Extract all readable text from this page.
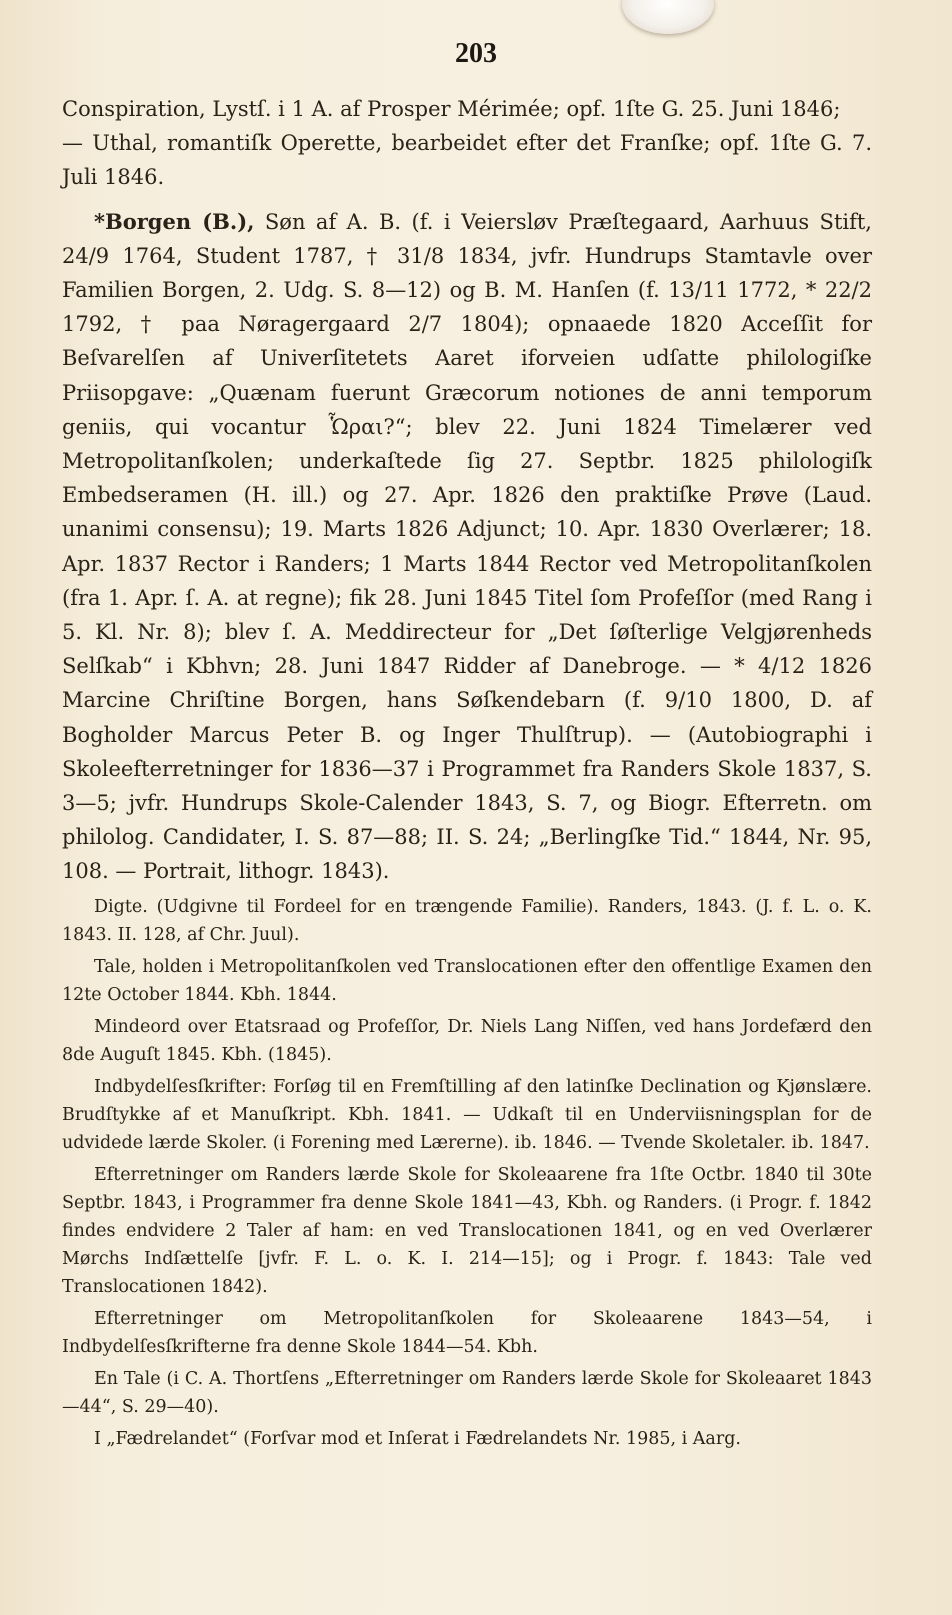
203

Conspiration, Lystſ. i 1 A. af Prosper Mérimée; opf. 1ſte G. 25. Juni 1846;

— Uthal, romantiſk Operette, bearbeidet efter det Franſke; opf. 1ſte G. 7. Juli 1846.

*Borgen (B.), Søn af A. B. (f. i Veiersløv Præſtegaard, Aarhuus Stift, 24/9 1764, Student 1787, † 31/8 1834, jvfr. Hundrups Stamtavle over Familien Borgen, 2. Udg. S. 8—12) og B. M. Hanſen (f. 13/11 1772, * 22/2 1792, † paa Nøragergaard 2/7 1804); opnaaede 1820 Acceſſit for Beſvarelſen af Univerſitetets Aaret iforveien udſatte philologiſke Priisopgave: „Quænam fuerunt Græcorum notiones de anni temporum geniis, qui vocantur Ὧραι?“; blev 22. Juni 1824 Timelærer ved Metropolitanſkolen; underkaſtede ſig 27. Septbr. 1825 philologiſk Embedseramen (H. ill.) og 27. Apr. 1826 den praktiſke Prøve (Laud. unanimi consensu); 19. Marts 1826 Adjunct; 10. Apr. 1830 Overlærer; 18. Apr. 1837 Rector i Randers; 1 Marts 1844 Rector ved Metropolitanſkolen (fra 1. Apr. ſ. A. at regne); fik 28. Juni 1845 Titel ſom Profeſſor (med Rang i 5. Kl. Nr. 8); blev ſ. A. Meddirecteur for „Det ſøſterlige Velgjørenheds Selſkab“ i Kbhvn; 28. Juni 1847 Ridder af Danebroge. — * 4/12 1826 Marcine Chriſtine Borgen, hans Søſkendebarn (f. 9/10 1800, D. af Bogholder Marcus Peter B. og Inger Thulſtrup). — (Autobiographi i Skoleefterretninger for 1836—37 i Programmet fra Randers Skole 1837, S. 3—5; jvfr. Hundrups Skole-Calender 1843, S. 7, og Biogr. Efterretn. om philolog. Candidater, I. S. 87—88; II. S. 24; „Berlingſke Tid.“ 1844, Nr. 95, 108. — Portrait, lithogr. 1843).

Digte. (Udgivne til Fordeel for en trængende Familie). Randers, 1843. (J. f. L. o. K. 1843. II. 128, af Chr. Juul).

Tale, holden i Metropolitanſkolen ved Translocationen efter den offentlige Examen den 12te October 1844. Kbh. 1844.

Mindeord over Etatsraad og Profeſſor, Dr. Niels Lang Niſſen, ved hans Jordefærd den 8de Auguſt 1845. Kbh. (1845).

Indbydelſesſkrifter: Forſøg til en Fremſtilling af den latinſke Declination og Kjønslære. Brudſtykke af et Manuſkript. Kbh. 1841. — Udkaſt til en Underviisningsplan for de udvidede lærde Skoler. (i Forening med Lærerne). ib. 1846. — Tvende Skoletaler. ib. 1847.

Efterretninger om Randers lærde Skole for Skoleaarene fra 1ſte Octbr. 1840 til 30te Septbr. 1843, i Programmer fra denne Skole 1841—43, Kbh. og Randers. (i Progr. f. 1842 findes endvidere 2 Taler af ham: en ved Translocationen 1841, og en ved Overlærer Mørchs Indſættelſe [jvfr. F. L. o. K. I. 214—15]; og i Progr. f. 1843: Tale ved Translocationen 1842).

Efterretninger om Metropolitanſkolen for Skoleaarene 1843—54, i Indbydelſesſkrifterne fra denne Skole 1844—54. Kbh.

En Tale (i C. A. Thortſens „Efterretninger om Randers lærde Skole for Skoleaaret 1843—44“, S. 29—40).

I „Fædrelandet“ (Forſvar mod et Inſerat i Fædrelandets Nr. 1985, i Aarg.
